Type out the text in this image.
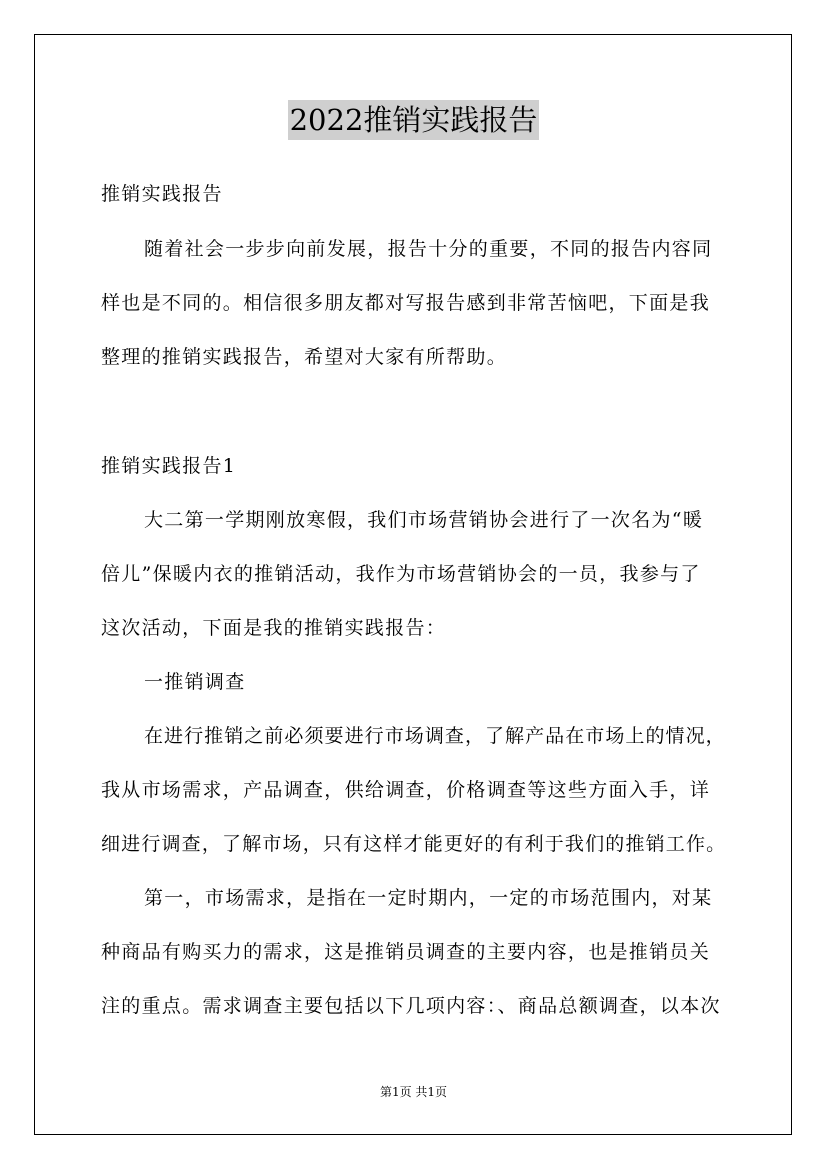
2022推销实践报告
推销实践报告
随着社会一步步向前发展，报告十分的重要，不同的报告内容同
样也是不同的。相信很多朋友都对写报告感到非常苦恼吧，下面是我
整理的推销实践报告，希望对大家有所帮助。
推销实践报告1
大二第一学期刚放寒假，我们市场营销协会进行了一次名为“暖
倍儿”保暖内衣的推销活动，我作为市场营销协会的一员，我参与了
这次活动，下面是我的推销实践报告：
一推销调查
在进行推销之前必须要进行市场调查，了解产品在市场上的情况，
我从市场需求，产品调查，供给调查，价格调查等这些方面入手，详
细进行调查，了解市场，只有这样才能更好的有利于我们的推销工作。
第一，市场需求，是指在一定时期内，一定的市场范围内，对某
种商品有购买力的需求，这是推销员调查的主要内容，也是推销员关
注的重点。需求调查主要包括以下几项内容：、商品总额调查，以本次
第1页 共1页
